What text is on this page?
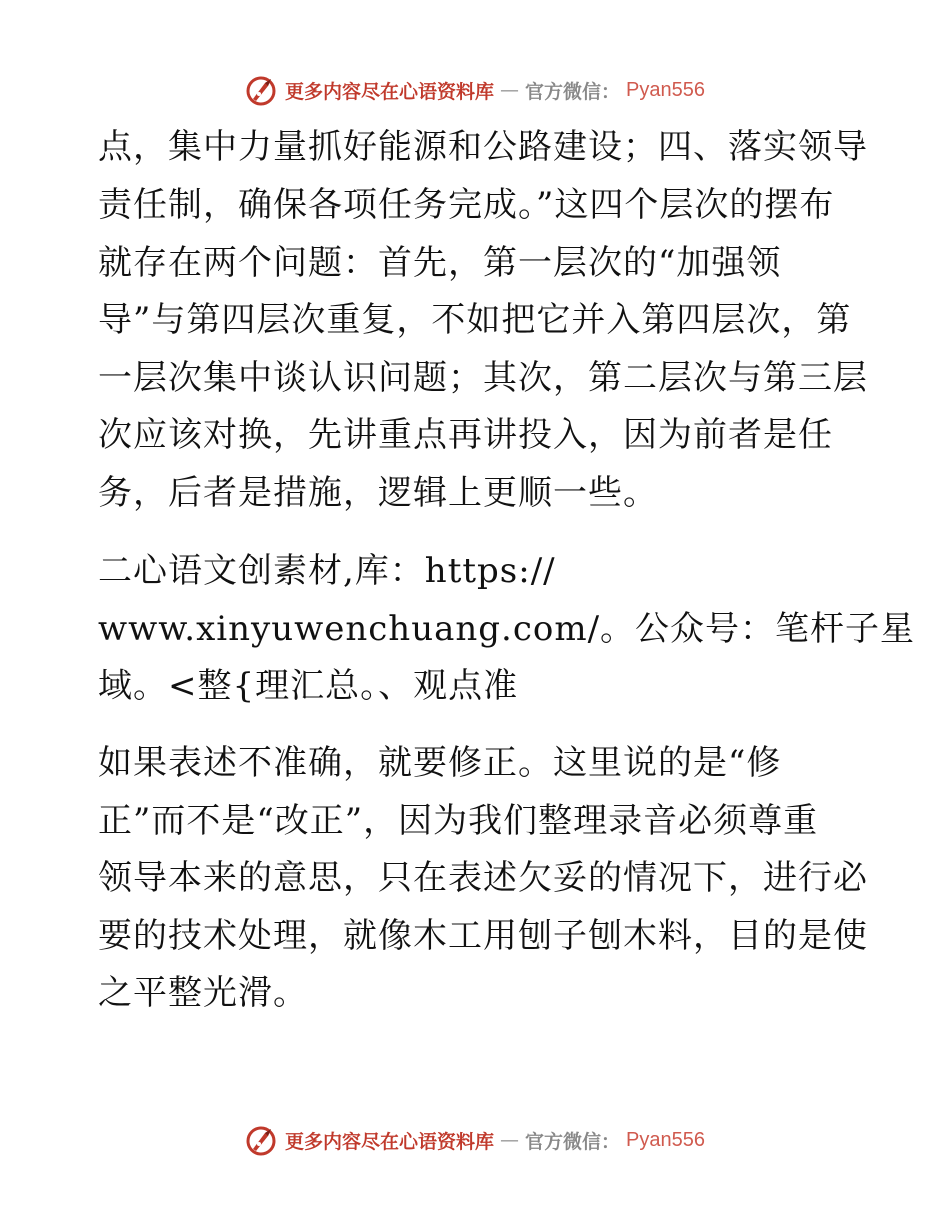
更多内容尽在心语资料库 — 官方微信： Pyan556
点，集中力量抓好能源和公路建设；四、落实领导
责任制，确保各项任务完成。”这四个层次的摆布
就存在两个问题：首先，第一层次的“加强领
导”与第四层次重复，不如把它并入第四层次，第
一层次集中谈认识问题；其次，第二层次与第三层
次应该对换，先讲重点再讲投入，因为前者是任
务，后者是措施，逻辑上更顺一些。
二心语文创素材,库：https://
www.xinyuwenchuang.com/。公众号：笔杆子星
域。<整{理汇总。、观点准
如果表述不准确，就要修正。这里说的是“修
正”而不是“改正”，因为我们整理录音必须尊重
领导本来的意思，只在表述欠妥的情况下，进行必
要的技术处理，就像木工用刨子刨木料，目的是使
之平整光滑。
更多内容尽在心语资料库 — 官方微信： Pyan556
